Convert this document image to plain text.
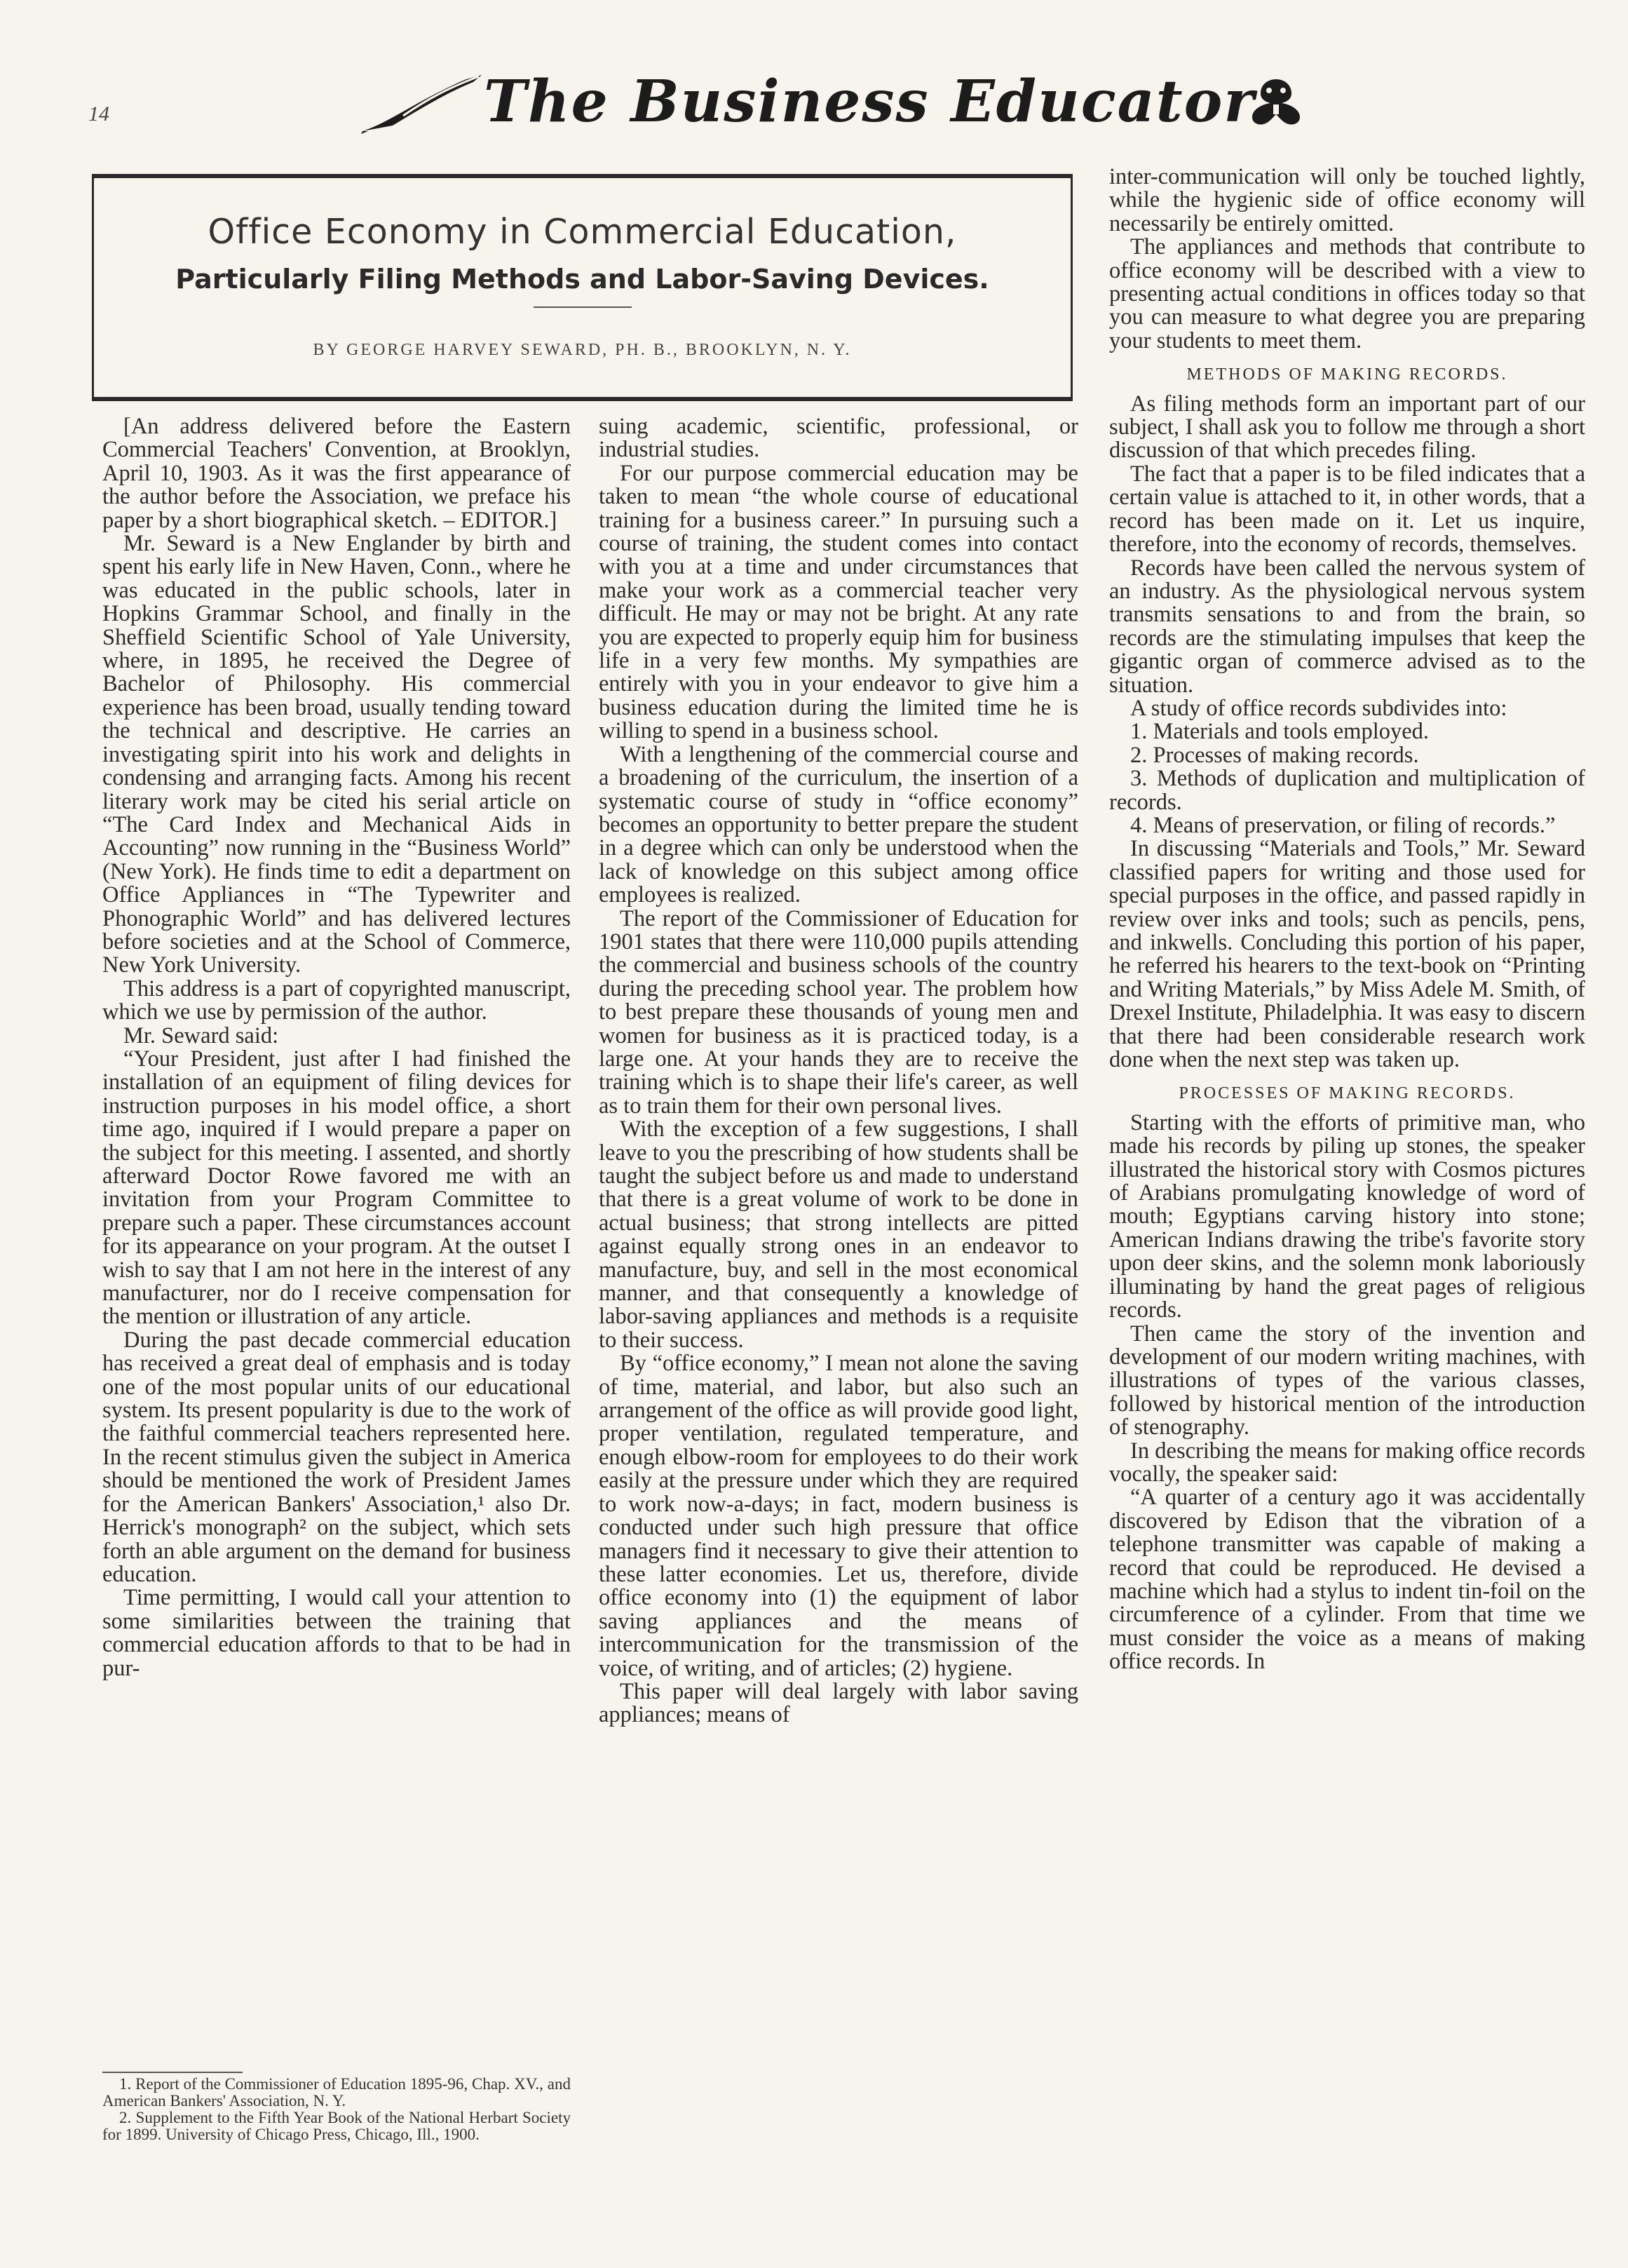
14	The Business Educator
Office Economy in Commercial Education,
Particularly Filing Methods and Labor-Saving Devices.
BY GEORGE HARVEY SEWARD, PH. B., BROOKLYN, N. Y.

[An address delivered before the Eastern Commercial Teachers' Convention, at Brooklyn, April 10, 1903. As it was the first appearance of the author before the Association, we preface his paper by a short biographical sketch. – EDITOR.]

Mr. Seward is a New Englander by birth and spent his early life in New Haven, Conn., where he was educated in the public schools, later in Hopkins Grammar School, and finally in the Sheffield Scientific School of Yale University, where, in 1895, he received the Degree of Bachelor of Philosophy. His commercial experience has been broad, usually tending toward the technical and descriptive. He carries an investigating spirit into his work and delights in condensing and arranging facts. Among his recent literary work may be cited his serial article on “The Card Index and Mechanical Aids in Accounting” now running in the “Business World” (New York). He finds time to edit a department on Office Appliances in “The Typewriter and Phonographic World” and has delivered lectures before societies and at the School of Commerce, New York University.

This address is a part of copyrighted manuscript, which we use by permission of the author.

Mr. Seward said:

“Your President, just after I had finished the installation of an equipment of filing devices for instruction purposes in his model office, a short time ago, inquired if I would prepare a paper on the subject for this meeting. I assented, and shortly afterward Doctor Rowe favored me with an invitation from your Program Committee to prepare such a paper. These circumstances account for its appearance on your program. At the outset I wish to say that I am not here in the interest of any manufacturer, nor do I receive compensation for the mention or illustration of any article.

During the past decade commercial education has received a great deal of emphasis and is today one of the most popular units of our educational system. Its present popularity is due to the work of the faithful commercial teachers represented here. In the recent stimulus given the subject in America should be mentioned the work of President James for the American Bankers' Association,¹ also Dr. Herrick's monograph² on the subject, which sets forth an able argument on the demand for business education.

Time permitting, I would call your attention to some similarities between the training that commercial education affords to that to be had in pur-

suing academic, scientific, professional, or industrial studies.

For our purpose commercial education may be taken to mean “the whole course of educational training for a business career.” In pursuing such a course of training, the student comes into contact with you at a time and under circumstances that make your work as a commercial teacher very difficult. He may or may not be bright. At any rate you are expected to properly equip him for business life in a very few months. My sympathies are entirely with you in your endeavor to give him a business education during the limited time he is willing to spend in a business school.

With a lengthening of the commercial course and a broadening of the curriculum, the insertion of a systematic course of study in “office economy” becomes an opportunity to better prepare the student in a degree which can only be understood when the lack of knowledge on this subject among office employees is realized.

The report of the Commissioner of Education for 1901 states that there were 110,000 pupils attending the commercial and business schools of the country during the preceding school year. The problem how to best prepare these thousands of young men and women for business as it is practiced today, is a large one. At your hands they are to receive the training which is to shape their life's career, as well as to train them for their own personal lives.

With the exception of a few suggestions, I shall leave to you the prescribing of how students shall be taught the subject before us and made to understand that there is a great volume of work to be done in actual business; that strong intellects are pitted against equally strong ones in an endeavor to manufacture, buy, and sell in the most economical manner, and that consequently a knowledge of labor-saving appliances and methods is a requisite to their success.

By “office economy,” I mean not alone the saving of time, material, and labor, but also such an arrangement of the office as will provide good light, proper ventilation, regulated temperature, and enough elbow-room for employees to do their work easily at the pressure under which they are required to work now-a-days; in fact, modern business is conducted under such high pressure that office managers find it necessary to give their attention to these latter economies. Let us, therefore, divide office economy into (1) the equipment of labor saving appliances and the means of intercommunication for the transmission of the voice, of writing, and of articles; (2) hygiene.

This paper will deal largely with labor saving appliances; means of

inter-communication will only be touched lightly, while the hygienic side of office economy will necessarily be entirely omitted.

The appliances and methods that contribute to office economy will be described with a view to presenting actual conditions in offices today so that you can measure to what degree you are preparing your students to meet them.

METHODS OF MAKING RECORDS.

As filing methods form an important part of our subject, I shall ask you to follow me through a short discussion of that which precedes filing.

The fact that a paper is to be filed indicates that a certain value is attached to it, in other words, that a record has been made on it. Let us inquire, therefore, into the economy of records, themselves.

Records have been called the nervous system of an industry. As the physiological nervous system transmits sensations to and from the brain, so records are the stimulating impulses that keep the gigantic organ of commerce advised as to the situation.

A study of office records subdivides into:

1. Materials and tools employed.

2. Processes of making records.

3. Methods of duplication and multiplication of records.

4. Means of preservation, or filing of records.”

In discussing “Materials and Tools,” Mr. Seward classified papers for writing and those used for special purposes in the office, and passed rapidly in review over inks and tools; such as pencils, pens, and inkwells. Concluding this portion of his paper, he referred his hearers to the text-book on “Printing and Writing Materials,” by Miss Adele M. Smith, of Drexel Institute, Philadelphia. It was easy to discern that there had been considerable research work done when the next step was taken up.

PROCESSES OF MAKING RECORDS.

Starting with the efforts of primitive man, who made his records by piling up stones, the speaker illustrated the historical story with Cosmos pictures of Arabians promulgating knowledge of word of mouth; Egyptians carving history into stone; American Indians drawing the tribe's favorite story upon deer skins, and the solemn monk laboriously illuminating by hand the great pages of religious records.

Then came the story of the invention and development of our modern writing machines, with illustrations of types of the various classes, followed by historical mention of the introduction of stenography.

In describing the means for making office records vocally, the speaker said:

“A quarter of a century ago it was accidentally discovered by Edison that the vibration of a telephone transmitter was capable of making a record that could be reproduced. He devised a machine which had a stylus to indent tin-foil on the circumference of a cylinder. From that time we must consider the voice as a means of making office records. In

1. Report of the Commissioner of Education 1895-96, Chap. XV., and American Bankers' Association, N. Y.

2. Supplement to the Fifth Year Book of the National Herbart Society for 1899. University of Chicago Press, Chicago, Ill., 1900.
